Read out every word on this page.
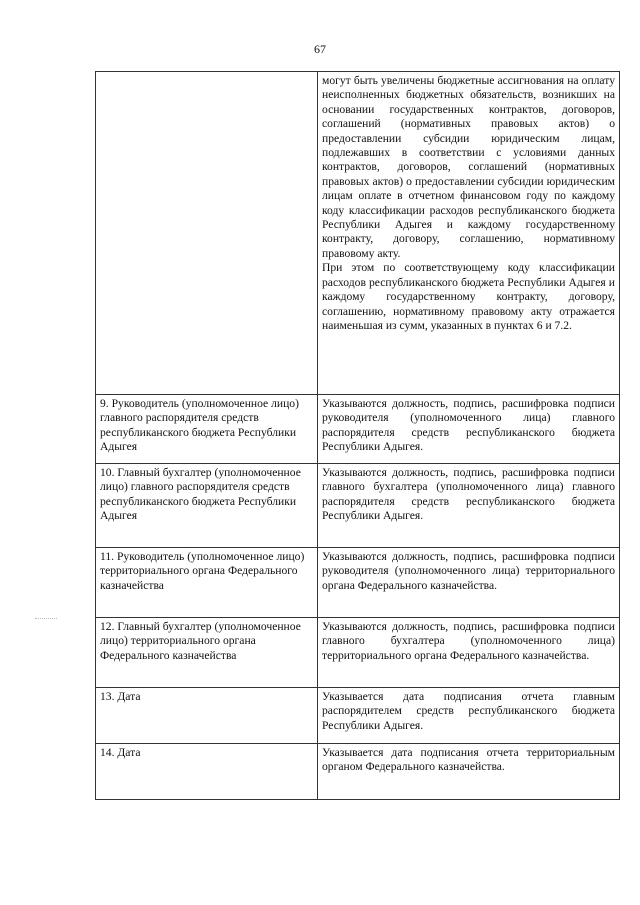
67

	могут быть увеличены бюджетные ассигнования на оплату неисполненных бюджетных обязательств, возникших на основании государственных контрактов, договоров, соглашений (нормативных правовых актов) о предоставлении субсидии юридическим лицам, подлежавших в соответствии с условиями данных контрактов, договоров, соглашений (нормативных правовых актов) о предоставлении субсидии юридическим лицам оплате в отчетном финансовом году по каждому коду классификации расходов республиканского бюджета Республики Адыгея и каждому государственному контракту, договору, соглашению, нормативному правовому акту.

При этом по соответствующему коду классификации расходов республиканского бюджета Республики Адыгея и каждому государственному контракту, договору, соглашению, нормативному правовому акту отражается наименьшая из сумм, указанных в пунктах 6 и 7.2.

9. Руководитель (уполномоченное лицо) главного распорядителя средств республиканского бюджета Республики Адыгея	Указываются должность, подпись, расшифровка подписи руководителя (уполномоченного лица) главного распорядителя средств республиканского бюджета Республики Адыгея.

10. Главный бухгалтер (уполномоченное лицо) главного распорядителя средств республиканского бюджета Республики Адыгея	Указываются должность, подпись, расшифровка подписи главного бухгалтера (уполномоченного лица) главного распорядителя средств республиканского бюджета Республики Адыгея.

11. Руководитель (уполномоченное лицо) территориального органа Федерального казначейства	Указываются должность, подпись, расшифровка подписи руководителя (уполномоченного лица) территориального органа Федерального казначейства.

12. Главный бухгалтер (уполномоченное лицо) территориального органа Федерального казначейства	Указываются должность, подпись, расшифровка подписи главного бухгалтера (уполномоченного лица) территориального органа Федерального казначейства.

13. Дата	Указывается дата подписания отчета главным распорядителем средств республиканского бюджета Республики Адыгея.

14. Дата	Указывается дата подписания отчета территориальным органом Федерального казначейства.
